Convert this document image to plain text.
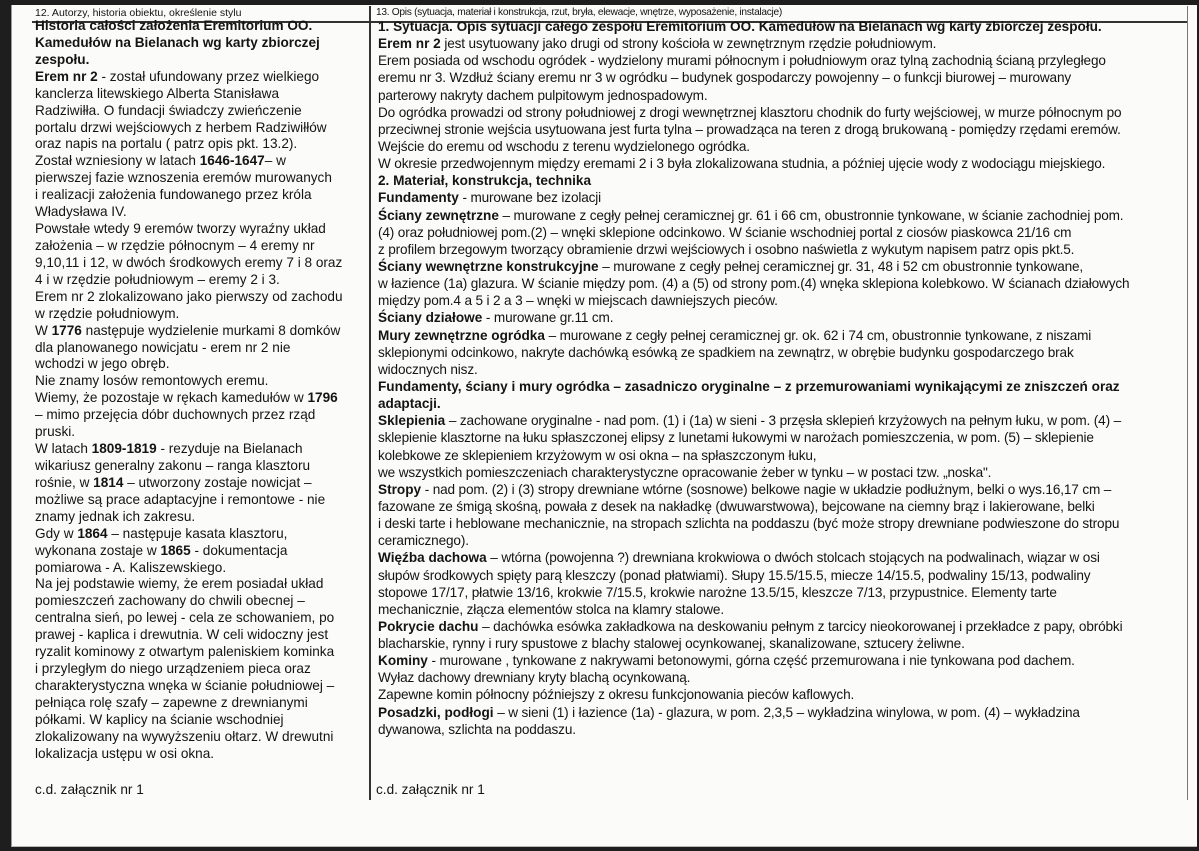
12. Autorzy, historia obiektu, określenie stylu	13. Opis (sytuacja, materiał i konstrukcja, rzut, bryła, elewacje, wnętrze, wyposażenie, instalacje)
Historia całości założenia Eremitorium OO.
Kamedułów na Bielanach wg karty zbiorczej
zespołu.
Erem nr 2 - został ufundowany przez wielkiego
kanclerza litewskiego Alberta Stanisława
Radziwiłła. O fundacji świadczy zwieńczenie
portalu drzwi wejściowych z herbem Radziwiłłów
oraz napis na portalu ( patrz opis pkt. 13.2).
Został wzniesiony w latach 1646-1647– w
pierwszej fazie wznoszenia eremów murowanych
i realizacji założenia fundowanego przez króla
Władysława IV.
Powstałe wtedy 9 eremów tworzy wyraźny układ
założenia – w rzędzie północnym – 4 eremy nr
9,10,11 i 12, w dwóch środkowych eremy 7 i 8 oraz
4 i w rzędzie południowym – eremy 2 i 3.
Erem nr 2 zlokalizowano jako pierwszy od zachodu
w rzędzie południowym.
W 1776 następuje wydzielenie murkami 8 domków
dla planowanego nowicjatu - erem nr 2 nie
wchodzi w jego obręb.
Nie znamy losów remontowych eremu.
Wiemy, że pozostaje w rękach kamedułów w 1796
– mimo przejęcia dóbr duchownych przez rząd
pruski.
W latach 1809-1819 - rezyduje na Bielanach
wikariusz generalny zakonu – ranga klasztoru
rośnie, w 1814 – utworzony zostaje nowicjat –
możliwe są prace adaptacyjne i remontowe - nie
znamy jednak ich zakresu.
Gdy w 1864 – następuje kasata klasztoru,
wykonana zostaje w 1865 - dokumentacja
pomiarowa - A. Kaliszewskiego.
Na jej podstawie wiemy, że erem posiadał układ
pomieszczeń zachowany do chwili obecnej –
centralna sień, po lewej - cela ze schowaniem, po
prawej - kaplica i drewutnia. W celi widoczny jest
ryzalit kominowy z otwartym paleniskiem kominka
i przyległym do niego urządzeniem pieca oraz
charakterystyczna wnęka w ścianie południowej –
pełniąca rolę szafy – zapewne z drewnianymi
półkami. W kaplicy na ścianie wschodniej
zlokalizowany na wywyższeniu ołtarz. W drewutni
lokalizacja ustępu w osi okna.
1. Sytuacja. Opis sytuacji całego zespołu Eremitorium OO. Kamedułów na Bielanach wg karty zbiorczej zespołu.
Erem nr 2 jest usytuowany jako drugi od strony kościoła w zewnętrznym rzędzie południowym.
Erem posiada od wschodu ogródek - wydzielony murami północnym i południowym oraz tylną zachodnią ścianą przyległego
eremu nr 3. Wzdłuż ściany eremu nr 3 w ogródku – budynek gospodarczy powojenny – o funkcji biurowej – murowany
parterowy nakryty dachem pulpitowym jednospadowym.
Do ogródka prowadzi od strony południowej z drogi wewnętrznej klasztoru chodnik do furty wejściowej, w murze północnym po
przeciwnej stronie wejścia usytuowana jest furta tylna – prowadząca na teren z drogą brukowaną - pomiędzy rzędami eremów.
Wejście do eremu od wschodu z terenu wydzielonego ogródka.
W okresie przedwojennym między eremami 2 i 3 była zlokalizowana studnia, a później ujęcie wody z wodociągu miejskiego.
2. Materiał, konstrukcja, technika
Fundamenty - murowane bez izolacji
Ściany zewnętrzne – murowane z cegły pełnej ceramicznej gr. 61 i 66 cm, obustronnie tynkowane, w ścianie zachodniej pom.
(4) oraz południowej pom.(2) – wnęki sklepione odcinkowo. W ścianie wschodniej portal z ciosów piaskowca 21/16 cm
z profilem brzegowym tworzący obramienie drzwi wejściowych i osobno naświetla z wykutym napisem patrz opis pkt.5.
Ściany wewnętrzne konstrukcyjne – murowane z cegły pełnej ceramicznej gr. 31, 48 i 52 cm obustronnie tynkowane,
w łazience (1a) glazura. W ścianie między pom. (4) a (5) od strony pom.(4) wnęka sklepiona kolebkowo. W ścianach działowych
między pom.4 a 5 i 2 a 3 – wnęki w miejscach dawniejszych pieców.
Ściany działowe - murowane gr.11 cm.
Mury zewnętrzne ogródka – murowane z cegły pełnej ceramicznej gr. ok. 62 i 74 cm, obustronnie tynkowane, z niszami
sklepionymi odcinkowo, nakryte dachówką esówką ze spadkiem na zewnątrz, w obrębie budynku gospodarczego brak
widocznych nisz.
Fundamenty, ściany i mury ogródka – zasadniczo oryginalne – z przemurowaniami wynikającymi ze zniszczeń oraz
adaptacji.
Sklepienia – zachowane oryginalne - nad pom. (1) i (1a) w sieni - 3 przęsła sklepień krzyżowych na pełnym łuku, w pom. (4) –
sklepienie klasztorne na łuku spłaszczonej elipsy z lunetami łukowymi w narożach pomieszczenia, w pom. (5) – sklepienie
kolebkowe ze sklepieniem krzyżowym w osi okna – na spłaszczonym łuku,
we wszystkich pomieszczeniach charakterystyczne opracowanie żeber w tynku – w postaci tzw. „noska".
Stropy - nad pom. (2) i (3) stropy drewniane wtórne (sosnowe) belkowe nagie w układzie podłużnym, belki o wys.16,17 cm –
fazowane ze śmigą skośną, powała z desek na nakładkę (dwuwarstwowa), bejcowane na ciemny brąz i lakierowane, belki
i deski tarte i heblowane mechanicznie, na stropach szlichta na poddaszu (być może stropy drewniane podwieszone do stropu
ceramicznego).
Więźba dachowa – wtórna (powojenna ?) drewniana krokwiowa o dwóch stolcach stojących na podwalinach, wiązar w osi
słupów środkowych spięty parą kleszczy (ponad płatwiami). Słupy 15.5/15.5, miecze 14/15.5, podwaliny 15/13, podwaliny
stopowe 17/17, płatwie 13/16, krokwie 7/15.5, krokwie narożne 13.5/15, kleszcze 7/13, przypustnice. Elementy tarte
mechanicznie, złącza elementów stolca na klamry stalowe.
Pokrycie dachu – dachówka esówka zakładkowa na deskowaniu pełnym z tarcicy nieokorowanej i przekładce z papy, obróbki
blacharskie, rynny i rury spustowe z blachy stalowej ocynkowanej, skanalizowane, sztucery żeliwne.
Kominy - murowane , tynkowane z nakrywami betonowymi, górna część przemurowana i nie tynkowana pod dachem.
Wyłaz dachowy drewniany kryty blachą ocynkowaną.
Zapewne komin północny późniejszy z okresu funkcjonowania pieców kaflowych.
Posadzki, podłogi – w sieni (1) i łazience (1a) - glazura, w pom. 2,3,5 – wykładzina winylowa, w pom. (4) – wykładzina
dywanowa, szlichta na poddaszu.
c.d. załącznik nr 1	c.d. załącznik nr 1
